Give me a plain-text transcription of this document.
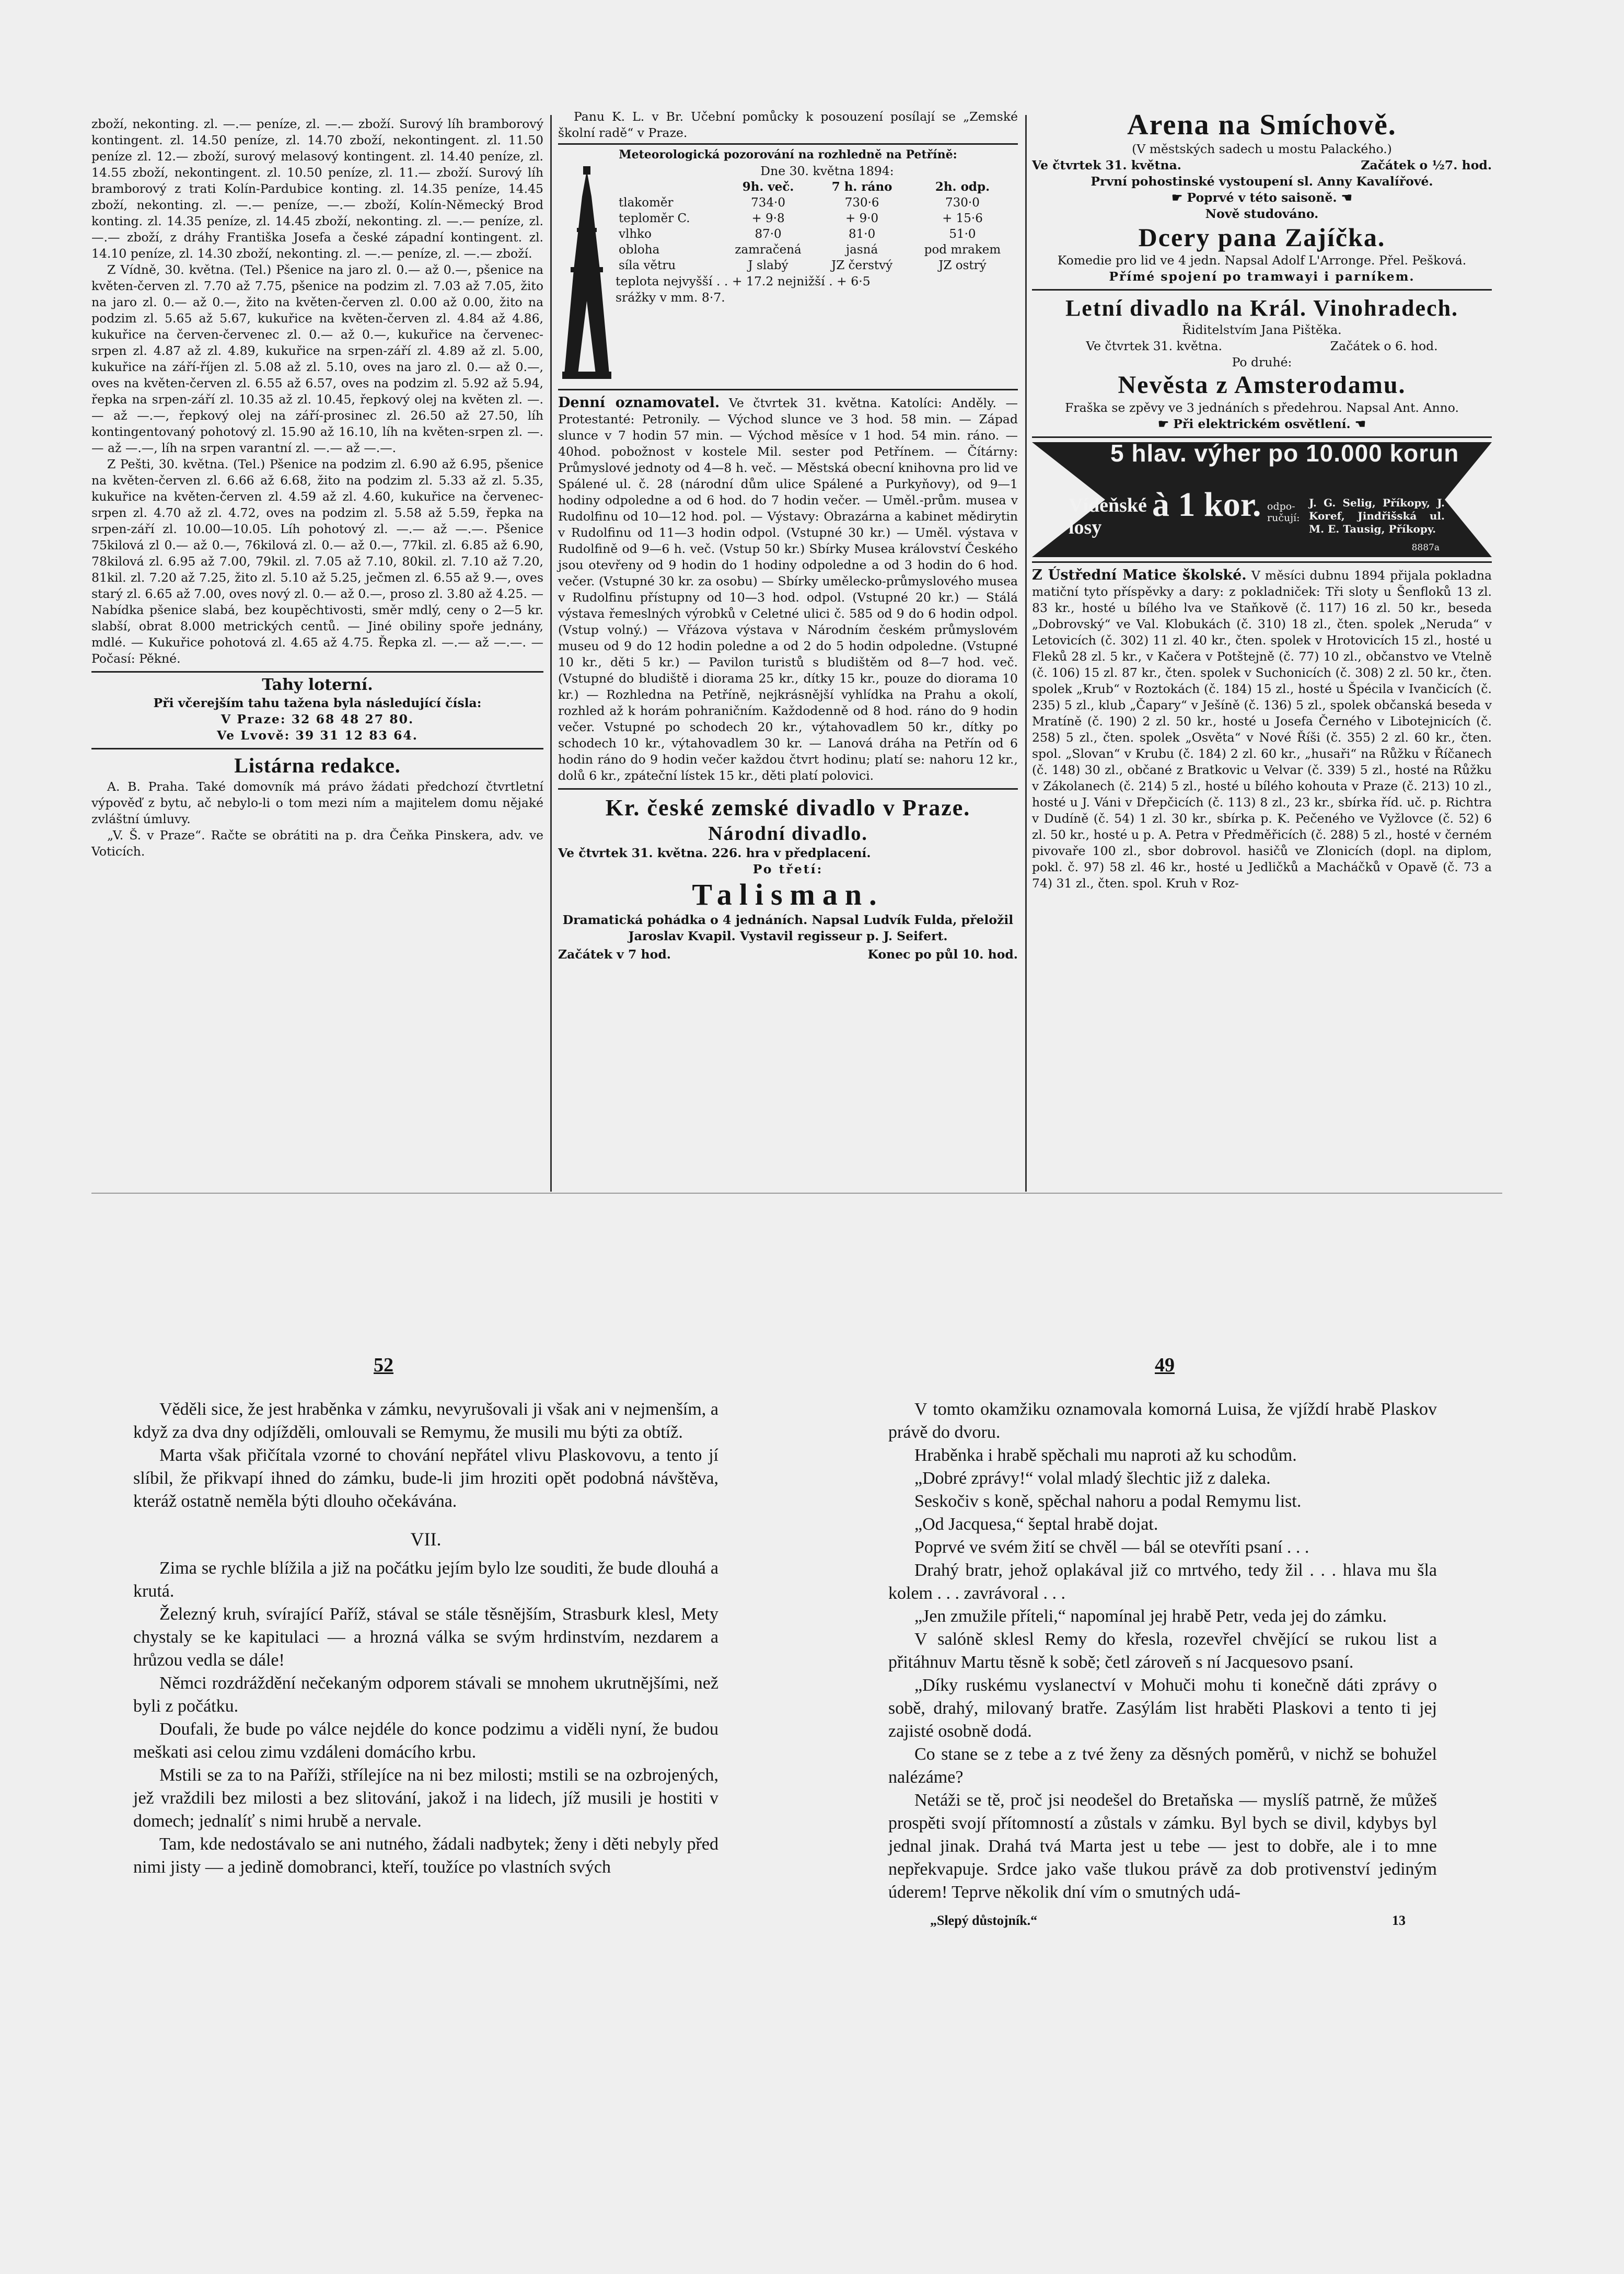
zboží, nekonting. zl. —.— peníze, zl. —.— zboží. Surový líh bramborový kontingent. zl. 14.50 peníze, zl. 14.70 zboží, nekontingent. zl. 11.50 peníze zl. 12.— zboží, surový melasový kontingent. zl. 14.40 peníze, zl. 14.55 zboží, nekontingent. zl. 10.50 peníze, zl. 11.— zboží. Surový líh bramborový z trati Kolín-Pardubice konting. zl. 14.35 peníze, 14.45 zboží, nekonting. zl. —.— peníze, —.— zboží, Kolín-Německý Brod konting. zl. 14.35 peníze, zl. 14.45 zboží, nekonting. zl. —.— peníze, zl. —.— zboží, z dráhy Františka Josefa a české západní kontingent. zl. 14.10 peníze, zl. 14.30 zboží, nekonting. zl. —.— peníze, zl. —.— zboží.

Z Vídně, 30. května. (Tel.) Pšenice na jaro zl. 0.— až 0.—, pšenice na květen-červen zl. 7.70 až 7.75, pšenice na podzim zl. 7.03 až 7.05, žito na jaro zl. 0.— až 0.—, žito na květen-červen zl. 0.00 až 0.00, žito na podzim zl. 5.65 až 5.67, kukuřice na květen-červen zl. 4.84 až 4.86, kukuřice na červen-červenec zl. 0.— až 0.—, kukuřice na červenec-srpen zl. 4.87 až zl. 4.89, kukuřice na srpen-září zl. 4.89 až zl. 5.00, kukuřice na září-říjen zl. 5.08 až zl. 5.10, oves na jaro zl. 0.— až 0.—, oves na květen-červen zl. 6.55 až 6.57, oves na podzim zl. 5.92 až 5.94, řepka na srpen-září zl. 10.35 až zl. 10.45, řepkový olej na květen zl. —.— až —.—, řepkový olej na září-prosinec zl. 26.50 až 27.50, líh kontingentovaný pohotový zl. 15.90 až 16.10, líh na květen-srpen zl. —.— až —.—, líh na srpen varantní zl. —.— až —.—.

Z Pešti, 30. května. (Tel.) Pšenice na podzim zl. 6.90 až 6.95, pšenice na květen-červen zl. 6.66 až 6.68, žito na podzim zl. 5.33 až zl. 5.35, kukuřice na květen-červen zl. 4.59 až zl. 4.60, kukuřice na červenec-srpen zl. 4.70 až zl. 4.72, oves na podzim zl. 5.58 až 5.59, řepka na srpen-září zl. 10.00—10.05. Líh pohotový zl. —.— až —.—. Pšenice 75kilová zl 0.— až 0.—, 76kilová zl. 0.— až 0.—, 77kil. zl. 6.85 až 6.90, 78kilová zl. 6.95 až 7.00, 79kil. zl. 7.05 až 7.10, 80kil. zl. 7.10 až 7.20, 81kil. zl. 7.20 až 7.25, žito zl. 5.10 až 5.25, ječmen zl. 6.55 až 9.—, oves starý zl. 6.65 až 7.00, oves nový zl. 0.— až 0.—, proso zl. 3.80 až 4.25. — Nabídka pšenice slabá, bez koupěchtivosti, směr mdlý, ceny o 2—5 kr. slabší, obrat 8.000 metrických centů. — Jiné obiliny spoře jednány, mdlé. — Kukuřice pohotová zl. 4.65 až 4.75. Řepka zl. —.— až —.—. — Počasí: Pěkné.

Tahy loterní.
Při včerejším tahu tažena byla následující čísla:
V Praze: 32 68 48 27 80.
Ve Lvově: 39 31 12 83 64.
Listárna redakce.

A. B. Praha. Také domovník má právo žádati předchozí čtvrtletní výpověď z bytu, ač nebylo-li o tom mezi ním a majitelem domu nějaké zvláštní úmluvy.

„V. Š. v Praze“. Račte se obrátiti na p. dra Čeňka Pinskera, adv. ve Voticích.

Panu K. L. v Br. Učební pomůcky k posouzení posílají se „Zemské školní radě“ v Praze.

Meteorologická pozorování na rozhledně na Petříně:
Dne 30. května 1894:
	9h. več.	7 h. ráno	2h. odp.
tlakoměr	734·0	730·6	730·0
teploměr C.	+ 9·8	+ 9·0	+ 15·6
vlhko	87·0	81·0	51·0
obloha	zamračená	jasná	pod mrakem
síla větru	J slabý	JZ čerstvý	JZ ostrý
teplota nejvyšší . . + 17.2 nejnižší . + 6·5
srážky v mm. 8·7.
Denní oznamovatel. Ve čtvrtek 31. května. Katolíci: Anděly. — Protestanté: Petronily. — Východ slunce ve 3 hod. 58 min. — Západ slunce v 7 hodin 57 min. — Východ měsíce v 1 hod. 54 min. ráno. — 40hod. pobožnost v kostele Mil. sester pod Petřínem. — Čítárny: Průmyslové jednoty od 4—8 h. več. — Městská obecní knihovna pro lid ve Spálené ul. č. 28 (národní dům ulice Spálené a Purkyňovy), od 9—1 hodiny odpoledne a od 6 hod. do 7 hodin večer. — Uměl.-prům. musea v Rudolfinu od 10—12 hod. pol. — Výstavy: Obrazárna a kabinet mědirytin v Rudolfinu od 11—3 hodin odpol. (Vstupné 30 kr.) — Uměl. výstava v Rudolfině od 9—6 h. več. (Vstup 50 kr.) Sbírky Musea království Českého jsou otevřeny od 9 hodin do 1 hodiny odpoledne a od 3 hodin do 6 hod. večer. (Vstupné 30 kr. za osobu) — Sbírky umělecko-průmyslového musea v Rudolfinu přístupny od 10—3 hod. odpol. (Vstupné 20 kr.) — Stálá výstava řemeslných výrobků v Celetné ulici č. 585 od 9 do 6 hodin odpol. (Vstup volný.) — Vřázova výstava v Národním českém průmyslovém museu od 9 do 12 hodin poledne a od 2 do 5 hodin odpoledne. (Vstupné 10 kr., děti 5 kr.) — Pavilon turistů s bludištěm od 8—7 hod. več. (Vstupné do bludiště i diorama 25 kr., dítky 15 kr., pouze do diorama 10 kr.) — Rozhledna na Petříně, nejkrásnější vyhlídka na Prahu a okolí, rozhled až k horám pohraničním. Každodenně od 8 hod. ráno do 9 hodin večer. Vstupné po schodech 20 kr., výtahovadlem 50 kr., dítky po schodech 10 kr., výtahovadlem 30 kr. — Lanová dráha na Petřín od 6 hodin ráno do 9 hodin večer každou čtvrt hodinu; platí se: nahoru 12 kr., dolů 6 kr., zpáteční lístek 15 kr., děti platí polovici.
Kr. české zemské divadlo v Praze.
Národní divadlo.
Ve čtvrtek 31. května. 226. hra v předplacení.
Po třetí:
Talisman.

Dramatická pohádka o 4 jednáních. Napsal Ludvík Fulda, přeložil Jaroslav Kvapil. Vystavil regisseur p. J. Seifert.

Začátek v 7 hod.	Konec po půl 10. hod.
Arena na Smíchově.
(V městských sadech u mostu Palackého.)
Ve čtvrtek 31. května.	Začátek o ½7. hod.
První pohostinské vystoupení sl. Anny Kavalířové.
☛ Poprvé v této saisoně. ☚
Nově studováno.
Dcery pana Zajíčka.
Komedie pro lid ve 4 jedn. Napsal Adolf L'Arronge. Přel. Pešková.
Přímé spojení po tramwayi i parníkem.
Letní divadlo na Král. Vinohradech.
Řiditelstvím Jana Pištěka.
Ve čtvrtek 31. května.	Začátek o 6. hod.
Po druhé:
Nevěsta z Amsterodamu.
Fraška se zpěvy ve 3 jednáních s předehrou. Napsal Ant. Anno.
☛ Při elektrickém osvětlení. ☚
5 hlav. výher po 10.000 korun
Vídeňské losy
à 1 kor. odpo-ručují:
J. G. Selig, Příkopy, J. Koref, Jindřišská ul. M. E. Tausig, Příkopy.
8887a
Z Ústřední Matice školské. V měsíci dubnu 1894 přijala pokladna matiční tyto příspěvky a dary: z pokladniček: Tři sloty u Šenfloků 13 zl. 83 kr., hosté u bílého lva ve Staňkově (č. 117) 16 zl. 50 kr., beseda „Dobrovský“ ve Val. Klobukách (č. 310) 18 zl., čten. spolek „Neruda“ v Letovicích (č. 302) 11 zl. 40 kr., čten. spolek v Hrotovicích 15 zl., hosté u Fleků 28 zl. 5 kr., v Kačera v Potštejně (č. 77) 10 zl., občanstvo ve Vtelně (č. 106) 15 zl. 87 kr., čten. spolek v Suchonicích (č. 308) 2 zl. 50 kr., čten. spolek „Krub“ v Roztokách (č. 184) 15 zl., hosté u Špécila v Ivančicích (č. 235) 5 zl., klub „Čapary“ v Ješíně (č. 136) 5 zl., spolek občanská beseda v Mratíně (č. 190) 2 zl. 50 kr., hosté u Josefa Černého v Libotejnicích (č. 258) 5 zl., čten. spolek „Osvěta“ v Nové Říši (č. 355) 2 zl. 60 kr., čten. spol. „Slovan“ v Krubu (č. 184) 2 zl. 60 kr., „husaři“ na Růžku v Říčanech (č. 148) 30 zl., občané z Bratkovic u Velvar (č. 339) 5 zl., hosté na Růžku v Zákolanech (č. 214) 5 zl., hosté u bílého kohouta v Praze (č. 213) 10 zl., hosté u J. Váni v Dřepčicích (č. 113) 8 zl., 23 kr., sbírka říd. uč. p. Richtra v Dudíně (č. 54) 1 zl. 30 kr., sbírka p. K. Pečeného ve Vyžlovce (č. 52) 6 zl. 50 kr., hosté u p. A. Petra v Předměřicích (č. 288) 5 zl., hosté v černém pivovaře 100 zl., sbor dobrovol. hasičů ve Zlonicích (dopl. na diplom, pokl. č. 97) 58 zl. 46 kr., hosté u Jedličků a Macháčků v Opavě (č. 73 a 74) 31 zl., čten. spol. Kruh v Roz-
52	49

Věděli sice, že jest hraběnka v zámku, nevyrušovali ji však ani v nejmenším, a když za dva dny odjížděli, omlouvali se Remymu, že musili mu býti za obtíž.

Marta však přičítala vzorné to chování nepřátel vlivu Plaskovovu, a tento jí slíbil, že přikvapí ihned do zámku, bude-li jim hroziti opět podobná návštěva, kteráž ostatně neměla býti dlouho očekávána.

VII.

Zima se rychle blížila a již na počátku jejím bylo lze souditi, že bude dlouhá a krutá.

Železný kruh, svírající Paříž, stával se stále těsnějším, Strasburk klesl, Mety chystaly se ke kapitulaci — a hrozná válka se svým hrdinstvím, nezdarem a hrůzou vedla se dále!

Němci rozdráždění nečekaným odporem stávali se mnohem ukrutnějšími, než byli z počátku.

Doufali, že bude po válce nejdéle do konce podzimu a viděli nyní, že budou meškati asi celou zimu vzdáleni domácího krbu.

Mstili se za to na Paříži, střílejíce na ni bez milosti; mstili se na ozbrojených, jež vraždili bez milosti a bez slitování, jakož i na lidech, jíž musili je hostiti v domech; jednalíť s nimi hrubě a nervale.

Tam, kde nedostávalo se ani nutného, žádali nadbytek; ženy i děti nebyly před nimi jisty — a jedině domobranci, kteří, toužíce po vlastních svých

V tomto okamžiku oznamovala komorná Luisa, že vjíždí hrabě Plaskov právě do dvoru.

Hraběnka i hrabě spěchali mu naproti až ku schodům.

„Dobré zprávy!“ volal mladý šlechtic již z daleka.

Seskočiv s koně, spěchal nahoru a podal Remymu list.

„Od Jacquesa,“ šeptal hrabě dojat.

Poprvé ve svém žití se chvěl — bál se otevříti psaní . . .

Drahý bratr, jehož oplakával již co mrtvého, tedy žil . . . hlava mu šla kolem . . . zavrávoral . . .

„Jen zmužile příteli,“ napomínal jej hrabě Petr, veda jej do zámku.

V salóně sklesl Remy do křesla, rozevřel chvějící se rukou list a přitáhnuv Martu těsně k sobě; četl zároveň s ní Jacquesovo psaní.

„Díky ruskému vyslanectví v Mohuči mohu ti konečně dáti zprávy o sobě, drahý, milovaný bratře. Zasýlám list hraběti Plaskovi a tento ti jej zajisté osobně dodá.

Co stane se z tebe a z tvé ženy za děsných poměrů, v nichž se bohužel nalézáme?

Netáži se tě, proč jsi neodešel do Bretaňska — myslíš patrně, že můžeš prospěti svojí přítomností a zůstals v zámku. Byl bych se divil, kdybys byl jednal jinak. Drahá tvá Marta jest u tebe — jest to dobře, ale i to mne nepřekvapuje. Srdce jako vaše tlukou právě za dob protivenství jediným úderem! Teprve několik dní vím o smutných udá-

„Slepý důstojník.“	13
